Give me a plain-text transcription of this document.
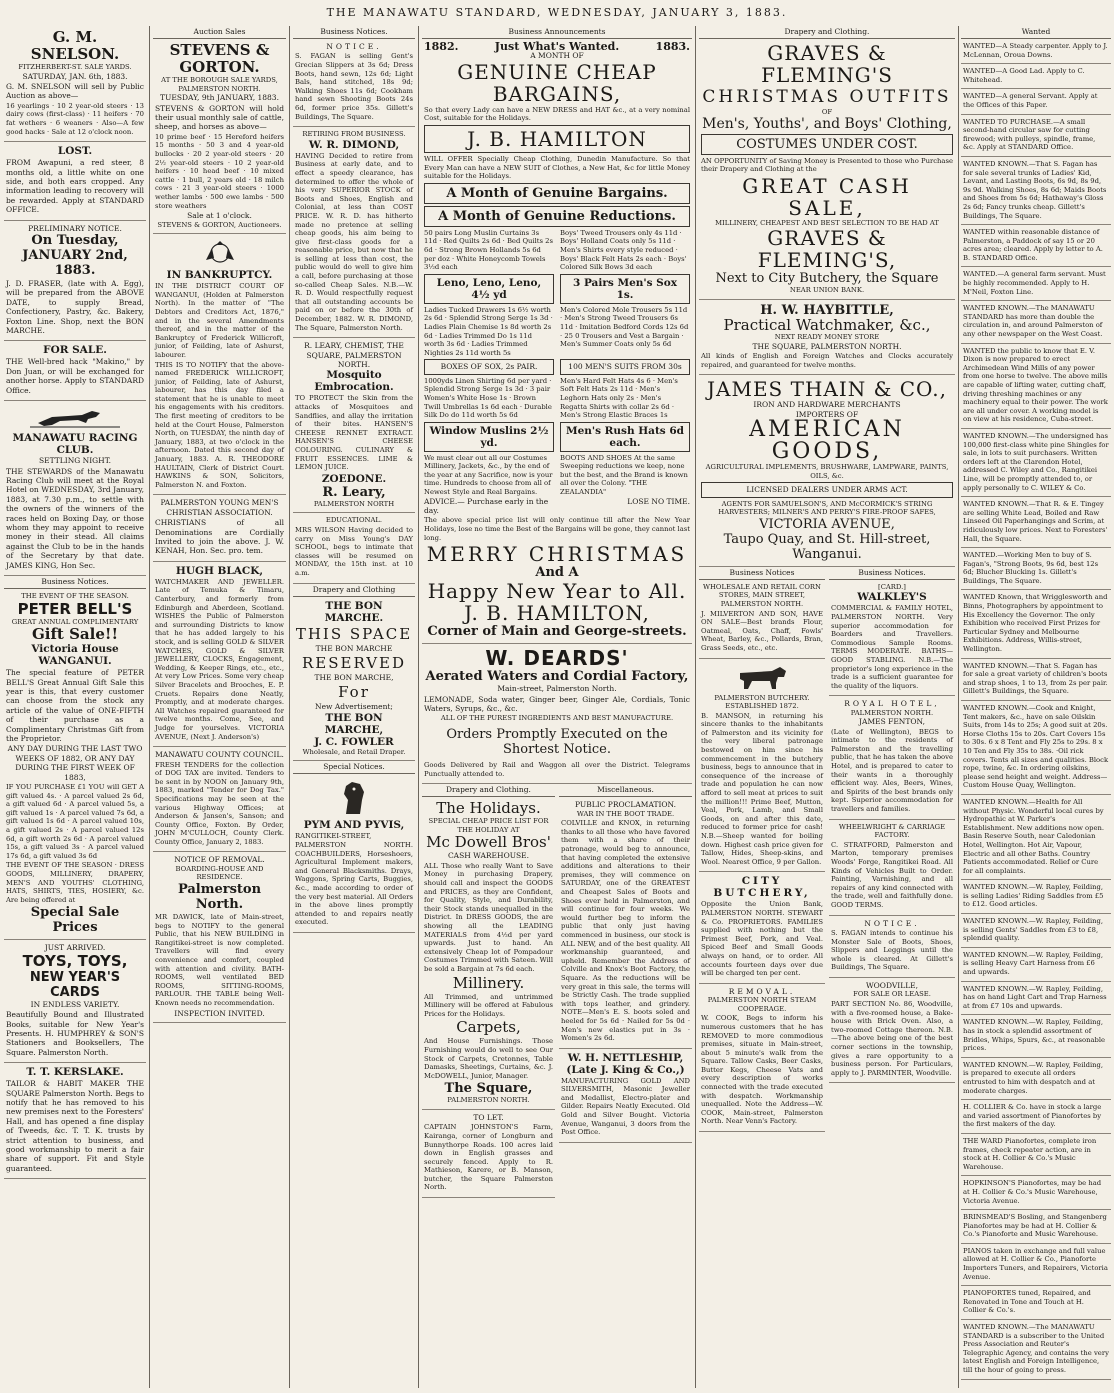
THE MANAWATU STANDARD, WEDNESDAY, JANUARY 3, 1883.
G. M. SNELSON.
FITZHERBERT-ST. SALE YARDS.
SATURDAY, JAN. 6th, 1883.

G. M. SNELSON will sell by Public Auction as above—

16 yearlings · 10 2 year-old steers · 13 dairy cows (first-class) · 11 heifers · 70 fat wethers · 6 weaners · Also—A few good hacks · Sale at 12 o'clock noon.

LOST.

FROM Awapuni, a red steer, 8 months old, a little white on one side, and both ears cropped. Any information leading to recovery will be rewarded. Apply at STANDARD OFFICE.

PRELIMINARY NOTICE.
On Tuesday, JANUARY 2nd, 1883.

J. D. FRASER, (late with A. Egg), will be prepared from the ABOVE DATE, to supply Bread, Confectionery, Pastry, &c. Bakery, Foxton Line. Shop, next the BON MARCHE.

FOR SALE.

THE Well-bred hack "Makino," by Don Juan, or will be exchanged for another horse. Apply to STANDARD Office.

MANAWATU RACING CLUB.
SETTLING NIGHT.

THE STEWARDS of the Manawatu Racing Club will meet at the Royal Hotel on WEDNESDAY, 3rd January, 1883, at 7.30 p.m., to settle with the owners of the winners of the races held on Boxing Day, or those whom they may appoint to receive money in their stead. All claims against the Club to be in the hands of the Secretary by that date. JAMES KING, Hon Sec.

Business Notices.
THE EVENT OF THE SEASON.
PETER BELL'S
GREAT ANNUAL COMPLIMENTARY
Gift Sale!!
Victoria House WANGANUI.

The special feature of PETER BELL'S Great Annual Gift Sale this year is this, that every customer can choose from the stock any article of the value of ONE-FIFTH of their purchase as a Complimentary Christmas Gift from the Proprietor.

ANY DAY DURING THE LAST TWO WEEKS OF 1882, OR ANY DAY DURING THE FIRST WEEK OF 1883,

IF YOU PURCHASE £1 YOU will GET A gift valued 4s. · A parcel valued 2s 6d, a gift valued 6d · A parcel valued 5s, a gift valued 1s · A parcel valued 7s 6d, a gift valued 1s 6d · A parcel valued 10s, a gift valued 2s · A parcel valued 12s 6d, a gift worth 2s 6d · A parcel valued 15s, a gift valued 3s · A parcel valued 17s 6d, a gift valued 3s 6d

THE EVENT OF THE SEASON · DRESS GOODS, MILLINERY, DRAPERY, MEN'S AND YOUTHS' CLOTHING, HATS, SHIRTS, TIES, HOSIERY, &c. Are being offered at

Special Sale Prices
JUST ARRIVED.
TOYS, TOYS,
NEW YEAR'S CARDS
IN ENDLESS VARIETY.

Beautifully Bound and Illustrated Books, suitable for New Year's Presents. H. HUMPHREY & SON'S Stationers and Booksellers, The Square. Palmerston North.

T. T. KERSLAKE.

TAILOR & HABIT MAKER THE SQUARE Palmerston North. Begs to notify that he has removed to his new premises next to the Foresters' Hall, and has opened a fine display of Tweeds, &c. T. T. K. trusts by strict attention to business, and good workmanship to merit a fair share of support. Fit and Style guaranteed.

Auction Sales
STEVENS & GORTON.
AT THE BOROUGH SALE YARDS, PALMERSTON NORTH.
TUESDAY, 9th JANUARY, 1883.

STEVENS & GORTON will hold their usual monthly sale of cattle, sheep, and horses as above—

10 prime beef · 15 Hereford heifers 15 months · 50 3 and 4 year-old bullocks · 20 2 year-old steers · 20 2½ year-old steers · 10 2 year-old heifers · 10 head beef · 10 mixed cattle · 1 bull, 2 years old · 18 milch cows · 21 3 year-old steers · 1000 wether lambs · 500 ewe lambs · 500 store weathers

Sale at 1 o'clock.
STEVENS & GORTON, Auctioneers.
IN BANKRUPTCY.

IN THE DISTRICT COURT OF WANGANUI, (Holden at Palmerston North). In the matter of "The Debtors and Creditors Act, 1876," and in the several Amendments thereof, and in the matter of the Bankruptcy of Frederick Willicroft, junior, of Feilding, late of Ashurst, labourer.

THIS IS TO NOTIFY that the above-named FREDERICK WILLICROFT, junior, of Feilding, late of Ashurst, labourer, has this day filed a statement that he is unable to meet his engagements with his creditors. The first meeting of creditors to be held at the Court House, Palmerston North, on TUESDAY, the ninth day of January, 1883, at two o'clock in the afternoon. Dated this second day of January, 1883. A. R. THEODORE HAULTAIN, Clerk of District Court. HAWKINS & SON, Solicitors, Palmerston N. and Foxton.

PALMERSTON YOUNG MEN'S CHRISTIAN ASSOCIATION.

CHRISTIANS of all Denominations are Cordially Invited to join the above. J. W. KENAH, Hon. Sec. pro. tem.

HUGH BLACK,

WATCHMAKER AND JEWELLER. Late of Temuka & Timaru, Canterbury, and formerly from Edinburgh and Aberdeen, Scotland. WISHES the Public of Palmerston and surrounding Districts to know that he has added largely to his stock, and is selling GOLD & SILVER WATCHES, GOLD & SILVER JEWELLERY, CLOCKS, Engagement, Wedding, & Keeper Rings, etc., etc., At very Low Prices. Some very cheap Silver Bracelets and Brooches, E. P. Cruets. Repairs done Neatly, Promptly, and at moderate charges. All Watches repaired guaranteed for twelve months. Come, See, and Judge for yourselves. VICTORIA AVENUE, (Next J. Anderson's)

MANAWATU COUNTY COUNCIL.

FRESH TENDERS for the collection of DOG TAX are invited. Tenders to be sent in by NOON on January 9th, 1883, marked "Tender for Dog Tax." Specifications may be seen at the various Highway Offices; at Anderson & Jansen's, Sanson; and County Office, Foxton. By Order, JOHN M'CULLOCH, County Clerk. County Office, January 2, 1883.

NOTICE OF REMOVAL.
BOARDING-HOUSE AND RESIDENCE.
Palmerston North.

MR DAWICK, late of Main-street, begs to NOTIFY to the general Public, that his NEW BUILDING in Rangitikei-street is now completed. Travellers will find every convenience and comfort, coupled with attention and civility. BATH-ROOMS, well ventilated BED ROOMS, SITTING-ROOMS, PARLOUR. THE TABLE being Well-Known needs no recommendation.

INSPECTION INVITED.
Business Notices.
NOTICE.

S. FAGAN is selling Gent's Grecian Slippers at 3s 6d; Dress Boots, hand sewn, 12s 6d; Light Bals, hand stitched, 18s 9d; Walking Shoes 11s 6d; Cookham hand sewn Shooting Boots 24s 6d, former price 35s. Gillett's Buildings, The Square.

RETIRING FROM BUSINESS.
W. R. DIMOND,

HAVING Decided to retire from Business at early date, and to effect a speedy clearance, has determined to offer the whole of his very SUPERIOR STOCK of Boots and Shoes, English and Colonial, at less than COST PRICE. W. R. D. has hitherto made no pretence at selling cheap goods, his aim being to give first-class goods for a reasonable price, but now that he is selling at less than cost, the public would do well to give him a call, before purchasing at those so-called Cheap Sales. N.B.—W. R. D. Would respectfully request that all outstanding accounts be paid on or before the 30th of December, 1882. W. R. DIMOND, The Square, Palmerston North.

R. LEARY, CHEMIST, THE SQUARE, PALMERSTON NORTH.
Mosquito Embrocation.

TO PROTECT the Skin from the attacks of Mosquitoes and Sandflies, and allay the irritation of their bites. HANSEN'S CHEESE RENNET EXTRACT. HANSEN'S CHEESE COLOURING. CULINARY & FRUIT ESSENCES. LIME & LEMON JUICE.

ZOEDONE.
R. Leary,
PALMERSTON NORTH
EDUCATIONAL.

MRS WILSON Having decided to carry on Miss Young's DAY SCHOOL, begs to intimate that classes will be resumed on MONDAY, the 15th inst. at 10 a.m.

Drapery and Clothing
THE BON MARCHE.
THIS SPACE
THE BON MARCHE
RESERVED
THE BON MARCHE,
For
New Advertisement;
THE BON MARCHE,
J. C. FOWLER
Wholesale, and Retail Draper.
Special Notices.
PYM AND PYVIS,

RANGITIKEI-STREET, PALMERSTON NORTH. COACHBUILDERS, Horseshoers, Agricultural Implement makers, and General Blacksmiths. Drays, Waggons, Spring Carts, Buggies, &c., made according to order of the very best material. All Orders in the above lines promptly attended to and repairs neatly executed.

Business Announcements
1882.	Just What's Wanted.	1883.
A MONTH OF
GENUINE CHEAP BARGAINS,

So that every Lady can have a NEW DRESS and HAT &c., at a very nominal Cost, suitable for the Holidays.

J. B. HAMILTON

WILL OFFER Specially Cheap Clothing, Dunedin Manufacture. So that Every Man can have a NEW SUIT of Clothes, a New Hat, &c for little Money suitable for the Holidays.

A Month of Genuine Bargains.
A Month of Genuine Reductions.
50 pairs Long Muslin Curtains 3s 11d · Red Quilts 2s 6d · Bed Quilts 2s 6d · Strong Brown Hollands 5s 6d per doz · White Honeycomb Towels 3½d each
Boys' Tweed Trousers only 4s 11d · Boys' Holland Coats only 5s 11d · Men's Shirts every style reduced · Boys' Black Felt Hats 2s each · Boys' Colored Silk Bows 3d each
Leno, Leno, Leno, 4½ yd
3 Pairs Men's Sox 1s.
Ladies Tucked Drawers 1s 6½ worth 2s 6d · Splendid Strong Serge 1s 3d · Ladies Plain Chemise 1s 8d worth 2s 6d · Ladies Trimmed Do 1s 11d worth 3s 6d · Ladies Trimmed Nighties 2s 11d worth 5s
Men's Colored Mole Trousers 5s 11d · Men's Strong Tweed Trousers 6s 11d · Imitation Bedford Cords 12s 6d · 25 0 Trousers and Vest a Bargain · Men's Summer Coats only 5s 6d
BOXES OF SOX, 2s PAIR.	100 MEN'S SUITS FROM 30s
1000yds Linen Shirting 6d per yard · Splendid Strong Serge 1s 3d · 3 pair Women's White Hose 1s · Brown Twill Umbrellas 1s 6d each · Durable Silk Do do 11d worth 5s 6d
Men's Hard Felt Hats 4s 6 · Men's Soft Felt Hats 2s 11d · Men's Leghorn Hats only 2s · Men's Regatta Shirts with collar 2s 6d · Men's Strong Elastic Braces 1s
Window Muslins 2½ yd.
Men's Rush Hats 6d each.
We must clear out all our Costumes Millinery, Jackets, &c., by the end of the year at any Sacrifice, now is your time. Hundreds to choose from all of Newest Style and Real Bargains.
BOOTS AND SHOES At the same Sweeping reductions we keep, none but the best, and the Brand is known all over the Colony. "THE ZEALANDIA"
ADVICE.— Purchase early in the day.
LOSE NO TIME.

The above special price list will only continue till after the New Year Holidays, lose no time the Best of the Bargains will be gone, they cannot last long.

MERRY CHRISTMAS
And A
Happy New Year to All.
J. B. HAMILTON,
Corner of Main and George-streets.
W. DEARDS'
Aerated Waters and Cordial Factory,
Main-street, Palmerston North.

LEMONADE, Soda water, Ginger beer, Ginger Ale, Cordials, Tonic Waters, Syrups, &c., &c.

ALL OF THE PUREST INGREDIENTS AND BEST MANUFACTURE.
Orders Promptly Executed on the Shortest Notice.

Goods Delivered by Rail and Waggon all over the District. Telegrams Punctually attended to.

Drapery and Clothing.
The Holidays.
SPECIAL CHEAP PRICE LIST FOR THE HOLIDAY AT
Mc Dowell Bros'
CASH WAREHOUSE.

ALL Those who really Want to Save Money in purchasing Drapery, should call and inspect the GOODS and PRICES, as they are Confident, for Quality, Style, and Durability, their Stock stands unequalled in the District. In DRESS GOODS, the are showing all the LEADING MATERIALS from 4½d per yard upwards. Just to hand. An extensively Cheap lot of Pompadour Costumes Trimmed with Sateen. Will be sold a Bargain at 7s 6d each.

Millinery.

All Trimmed, and untrimmed Millinery will be offered at Fabulous Prices for the Holidays.

Carpets,

And House Furnishings. Those Furnishing would do well to see Our Stock of Carpets, Cretonnes, Table Damasks, Sheetings, Curtains, &c. J. McDOWELL, Junior, Manager.

The Square,
PALMERSTON NORTH.
TO LET.

CAPTAIN JOHNSTON'S Farm, Kairanga, corner of Longburn and Bunnythorpe Roads. 100 acres laid down in English grasses and securely fenced. Apply to R. Mathieson, Karere, or B. Manson, butcher, the Square Palmerston North.

Miscellaneous.
PUBLIC PROCLAMATION.
WAR IN THE BOOT TRADE.

COLVILLE and KNOX, in returning thanks to all those who have favored them with a share of their patronage, would beg to announce, that having completed the extensive additions and alterations to their premises, they will commence on SATURDAY, one of the GREATEST and Cheapest Sales of Boots and Shoes ever held in Palmerston, and will continue for four weeks. We would further beg to inform the public that only just having commenced in business, our stock is ALL NEW, and of the best quality. All workmanship guaranteed, and upheld. Remember the Address of Colville and Knox's Boot Factory, the Square. As the reductions will be very great in this sale, the terms will be Strictly Cash. The trade supplied with tops leather, and grindery. NOTE—Men's E. S. boots soled and heeled for 5s 6d · Nailed for 5s 0d · Men's new elastics put in 3s · Women's 2s 6d.

W. H. NETTLESHIP, (Late J. King & Co.,)

MANUFACTURING GOLD AND SILVERSMITH, Masonic Jeweller and Medallist, Electro-plater and Gilder. Repairs Neatly Executed. Old Gold and Silver Bought. Victoria Avenue, Wanganui, 3 doors from the Post Office.

Drapery and Clothing.
GRAVES & FLEMING'S
CHRISTMAS OUTFITS
OF
Men's, Youths', and Boys' Clothing,
COSTUMES UNDER COST.

AN OPPORTUNITY of Saving Money is Presented to those who Purchase their Drapery and Clothing at the

GREAT CASH SALE,
MILLINERY, CHEAPEST AND BEST SELECTION TO BE HAD AT
GRAVES & FLEMING'S,
Next to City Butchery, the Square
NEAR UNION BANK.
H. W. HAYBITTLE,
Practical Watchmaker, &c.,
NEXT READY MONEY STORE
THE SQUARE, PALMERSTON NORTH.

All kinds of English and Foreign Watches and Clocks accurately repaired, and guaranteed for twelve months.

JAMES THAIN & CO.,
IRON AND HARDWARE MERCHANTS
IMPORTERS OF
AMERICAN GOODS,
AGRICULTURAL IMPLEMENTS, BRUSHWARE, LAMPWARE, PAINTS, OILS, &c.
LICENSED DEALERS UNDER ARMS ACT.
AGENTS FOR SAMUELSON'S, AND McCORMICK'S STRING HARVESTERS; MILNER'S AND PERRY'S FIRE-PROOF SAFES,
VICTORIA AVENUE,
Taupo Quay, and St. Hill-street, Wanganui.
Business Notices
WHOLESALE AND RETAIL CORN STORES, MAIN STREET, PALMERSTON NORTH.

J. MILVERTON AND SON, HAVE ON SALE—Best brands Flour, Oatmeal, Oats, Chaff, Fowls' Wheat, Barley, &c., Pollards, Bran, Grass Seeds, etc., etc.

PALMERSTON BUTCHERY. ESTABLISHED 1872.

B. MANSON, in returning his sincere thanks to the inhabitants of Palmerston and its vicinity for the very liberal patronage bestowed on him since his commencement in the butchery business, begs to announce that in consequence of the increase of trade and population he can now afford to sell meat at prices to suit the million!!! Prime Beef, Mutton, Veal, Pork, Lamb, and Small Goods, on and after this date, reduced to former price for cash! N.B.—Sheep wanted for boiling down. Highest cash price given for Tallow, Hides, Sheep-skins, and Wool. Nearest Office, 9 per Gallon.

CITY BUTCHERY,

Opposite the Union Bank, PALMERSTON NORTH. STEWART & Co. PROPRIETORS. FAMILIES supplied with nothing but the Primest Beef, Pork, and Veal. Spiced Beef and Small Goods always on hand, or to order. All accounts fourteen days over due will be charged ten per cent.

REMOVAL.
PALMERSTON NORTH STEAM COOPERAGE.

W. COOK, Begs to inform his numerous customers that he has REMOVED to more commodious premises, situate in Main-street, about 5 minute's walk from the Square. Tallow Casks, Beer Casks, Butter Kegs, Cheese Vats and every description of works connected with the trade executed with despatch. Workmanship unequalled. Note the Address—W. COOK, Main-street, Palmerston North. Near Venn's Factory.

Business Notices.
[CARD.]
WALKLEY'S

COMMERCIAL & FAMILY HOTEL, PALMERSTON NORTH. Very superior accommodation for Boarders and Travellers. Commodious Sample Rooms. TERMS MODERATE. BATHS—GOOD STABLING. N.B.—The proprietor's long experience in the trade is a sufficient guarantee for the quality of the liquors.

ROYAL HOTEL,
PALMERSTON NORTH.
JAMES FENTON,

(Late of Wellington), BEGS to intimate to the residents of Palmerston and the travelling public, that he has taken the above Hotel, and is prepared to cater to their wants in a thoroughly efficient way. Ales, Beers, Wines, and Spirits of the best brands only kept. Superior accommodation for travellers and families.

WHEELWRIGHT & CARRIAGE FACTORY.

C. STRATFORD, Palmerston and Marton, temporary premises Woods' Forge, Rangitikei Road. All Kinds of Vehicles Built to Order. Painting, Varnishing, and all repairs of any kind connected with the trade, well and faithfully done. GOOD TERMS.

NOTICE.

S. FAGAN intends to continue his Monster Sale of Boots, Shoes, Slippers and Leggings until the whole is cleared. At Gillett's Buildings, The Square.

WOODVILLE,
FOR SALE OR LEASE.

PART SECTION No. 86, Woodville, with a five-roomed house, a Bake-house with Brick Oven. Also, a two-roomed Cottage thereon. N.B.—The above being one of the best corner sections in the township, gives a rare opportunity to a business person. For Particulars, apply to J. PARMINTER, Woodville.

Wanted
WANTED—A Steady carpenter. Apply to J. McLennan, Oroua Downs.
WANTED—A Good Lad. Apply to C. Whitehead.
WANTED—A general Servant. Apply at the Offices of this Paper.
WANTED TO PURCHASE.—A small second-hand circular saw for cutting firewood; with pulleys, spindle, frame, &c. Apply at STANDARD Office.
WANTED KNOWN.—That S. Fagan has for sale several trunks of Ladies' Kid, Levant, and Lasting Boots, 6s 9d, 8s 9d, 9s 9d. Walking Shoes, 8s 6d; Maids Boots and Shoes from 5s 6d; Hathaway's Gloss 2s 6d; Fancy trunks cheap. Gillett's Buildings, The Square.
WANTED within reasonable distance of Palmerston, a Paddock of say 15 or 20 acres area; cleared. Apply by letter to A. B. STANDARD Office.
WANTED.—A general farm servant. Must be highly recommended. Apply to H. M'Neil, Foxton Line.
WANTED KNOWN.—The MANAWATU STANDARD has more than double the circulation in, and around Palmerston of any other newspaper on the West Coast.
WANTED the public to know that E. V. Dixon is now prepared to erect Archimedean Wind Mills of any power from one horse to twelve. The above mills are capable of lifting water, cutting chaff, driving threshing machines or any machinery equal to their power. The work are all under cover. A working model is on view at his residence, Cuba-street.
WANTED KNOWN.—The undersigned has 100,000 first-class white pine Shingles for sale, in lots to suit purchasers. Written orders left at the Clarendon Hotel, addressed C. Wiley and Co., Rangitikei Line, will be promptly attended to, or apply personally to C. WILEY & Co.
WANTED KNOWN.—That R. & E. Tingey are selling White Lead, Boiled and Raw Linseed Oil Paperhangings and Scrim, at ridiculously low prices. Next to Foresters' Hall, the Square.
WANTED.—Working Men to buy of S. Fagan's, "Strong Boots, 9s 6d, best 12s 6d; Blucher Blucking 1s. Gillett's Buildings, The Square.
WANTED Known, that Wrigglesworth and Binns, Photographers by appointment to His Excellency the Governor. The only Exhibition who received First Prizes for Particular Sydney and Melbourne Exhibitions. Address, Willis-street, Wellington.
WANTED KNOWN.—That S. Fagan has for sale a great variety of children's boots and strap shoes, 1 to 13, from 2s per pair. Gillett's Buildings, the Square.
WANTED KNOWN.—Cook and Knight, Tent makers, &c., have on sale Oilskin Suits, from 14s to 25s; A good suit at 20s. Horse Cloths 15s to 20s. Cart Covers 15s to 30s. 6 x 8 Tent and Fly 25s to 29s. 8 x 10 Ten and Fly 35s to 38s. ·Oil rick covers. Tents all sizes and qualities. Block rope, twine, &c. In ordering oilskins, please send height and weight. Address—Custom House Quay, Wellington.
WANTED KNOWN.—Health for All without Physic. Wonderful local cures by Hydropathic at W. Parker's Establishment. New additions now open. Basin Reserve South, near Caledonian Hotel, Wellington. Hot Air, Vapour, Electric and all other Baths. Country Patients accommodated. Relief or Cure for all complaints.
WANTED KNOWN.—W. Rapley, Feilding, is selling Ladies' Riding Saddles from £5 to £12. Good articles.
WANTED KNOWN.—W. Rapley, Feilding, is selling Gents' Saddles from £3 to £8, splendid quality.
WANTED KNOWN.—W. Rapley, Feilding, is selling Heavy Cart Harness from £6 and upwards.
WANTED KNOWN.—W. Rapley, Feilding, has on hand Light Cart and Trap Harness at from £7 10s and upwards.
WANTED KNOWN.—W. Rapley, Feilding, has in stock a splendid assortment of Bridles, Whips, Spurs, &c., at reasonable prices.
WANTED KNOWN.—W. Rapley, Feilding, is prepared to execute all orders entrusted to him with despatch and at moderate charges.
H. COLLIER & Co. have in stock a large and varied assortment of Pianofortes by the first makers of the day.
THE WARD Pianofortes, complete iron frames, check repeater action, are in stock at H. Collier & Co.'s Music Warehouse.
HOPKINSON'S Pianofortes, may be had at H. Collier & Co.'s Music Warehouse, Victoria Avenue.
BRINSMEAD'S Bosling, and Stangenberg Pianofortes may be had at H. Collier & Co.'s Pianoforte and Music Warehouse.
PIANOS taken in exchange and full value allowed at H. Collier & Co., Pianoforte Importers Tuners, and Repairers, Victoria Avenue.
PIANOFORTES tuned, Repaired, and Renovated in Tone and Touch at H. Collier & Co.'s.
WANTED KNOWN.—The MANAWATU STANDARD is a subscriber to the United Press Association and Reuter's Telegraphic Agency, and contains the very latest English and Foreign Intelligence, till the hour of going to press.
